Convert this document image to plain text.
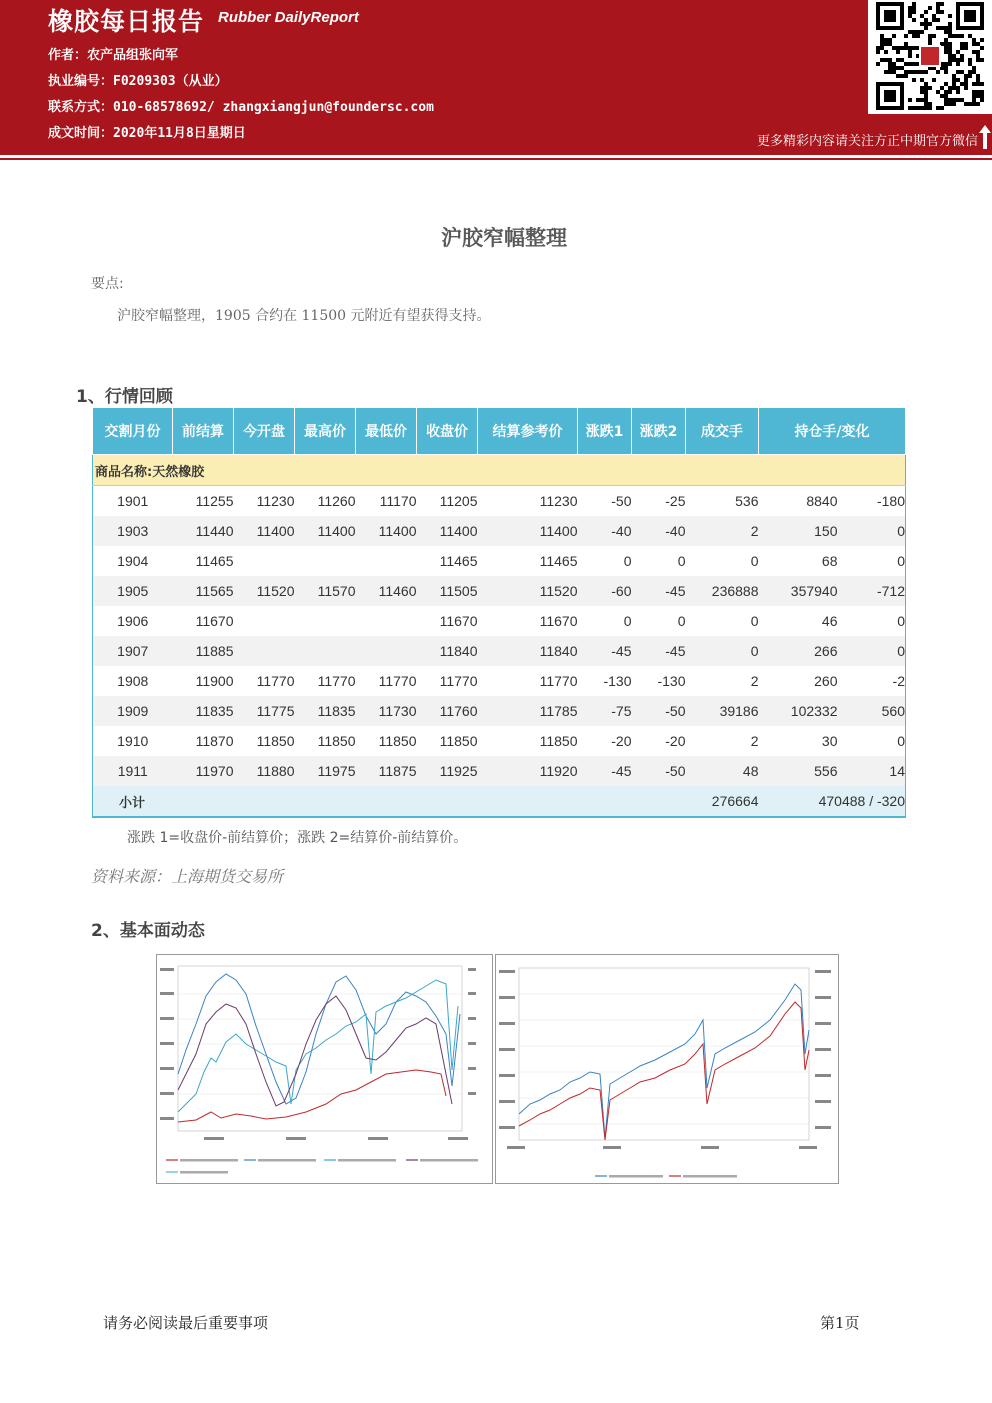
橡胶每日报告 Rubber DailyReport
作者：农产品组张向军
执业编号：F0209303（从业）
联系方式：010-68578692/ zhangxiangjun@foundersc.com
成文时间：2020年11月8日星期日
更多精彩内容请关注方正中期官方微信
沪胶窄幅整理
要点:
沪胶窄幅整理，1905 合约在 11500 元附近有望获得支持。
1、行情回顾
交割月份	前结算	今开盘	最高价	最低价	收盘价	结算参考价	涨跌1	涨跌2	成交手	持仓手/变化	
商品名称:天然橡胶											
1901	11255	11230	11260	11170	11205	11230	-50	-25	536	8840	-180
1903	11440	11400	11400	11400	11400	11400	-40	-40	2	150	0
1904	11465				11465	11465	0	0	0	68	0
1905	11565	11520	11570	11460	11505	11520	-60	-45	236888	357940	-712
1906	11670				11670	11670	0	0	0	46	0
1907	11885				11840	11840	-45	-45	0	266	0
1908	11900	11770	11770	11770	11770	11770	-130	-130	2	260	-2
1909	11835	11775	11835	11730	11760	11785	-75	-50	39186	102332	560
1910	11870	11850	11850	11850	11850	11850	-20	-20	2	30	0
1911	11970	11880	11975	11875	11925	11920	-45	-50	48	556	14
小计									276664	470488 / -320	
涨跌 1=收盘价-前结算价；涨跌 2=结算价-前结算价。
资料来源：上海期货交易所
2、基本面动态
请务必阅读最后重要事项	第1页
